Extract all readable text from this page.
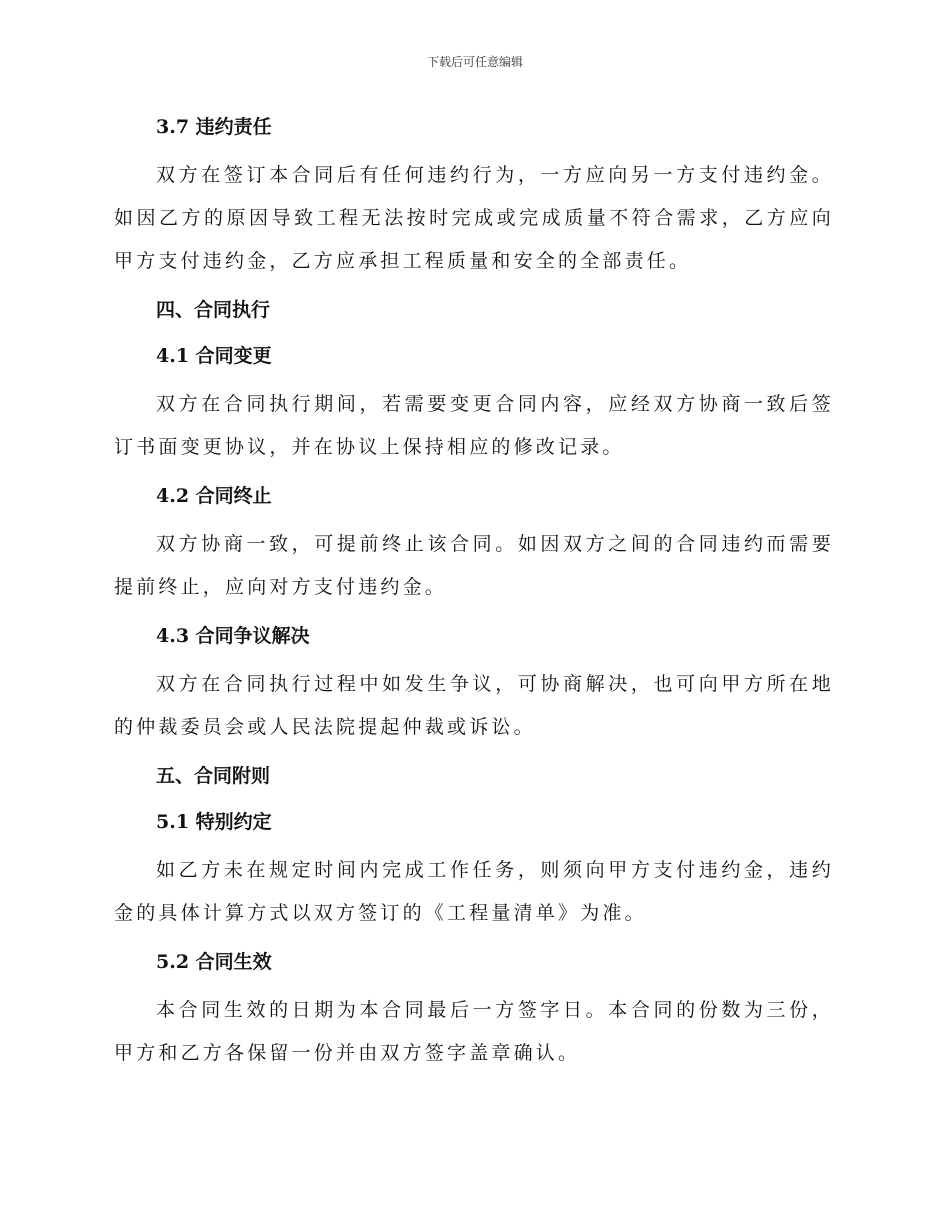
下载后可任意编辑
3.7 违约责任

双方在签订本合同后有任何违约行为，一方应向另一方支付违约金。如因乙方的原因导致工程无法按时完成或完成质量不符合需求，乙方应向甲方支付违约金，乙方应承担工程质量和安全的全部责任。

四、合同执行
4.1 合同变更

双方在合同执行期间，若需要变更合同内容，应经双方协商一致后签订书面变更协议，并在协议上保持相应的修改记录。

4.2 合同终止

双方协商一致，可提前终止该合同。如因双方之间的合同违约而需要提前终止，应向对方支付违约金。

4.3 合同争议解决

双方在合同执行过程中如发生争议，可协商解决，也可向甲方所在地的仲裁委员会或人民法院提起仲裁或诉讼。

五、合同附则
5.1 特别约定

如乙方未在规定时间内完成工作任务，则须向甲方支付违约金，违约金的具体计算方式以双方签订的《工程量清单》为准。

5.2 合同生效

本合同生效的日期为本合同最后一方签字日。本合同的份数为三份，甲方和乙方各保留一份并由双方签字盖章确认。
